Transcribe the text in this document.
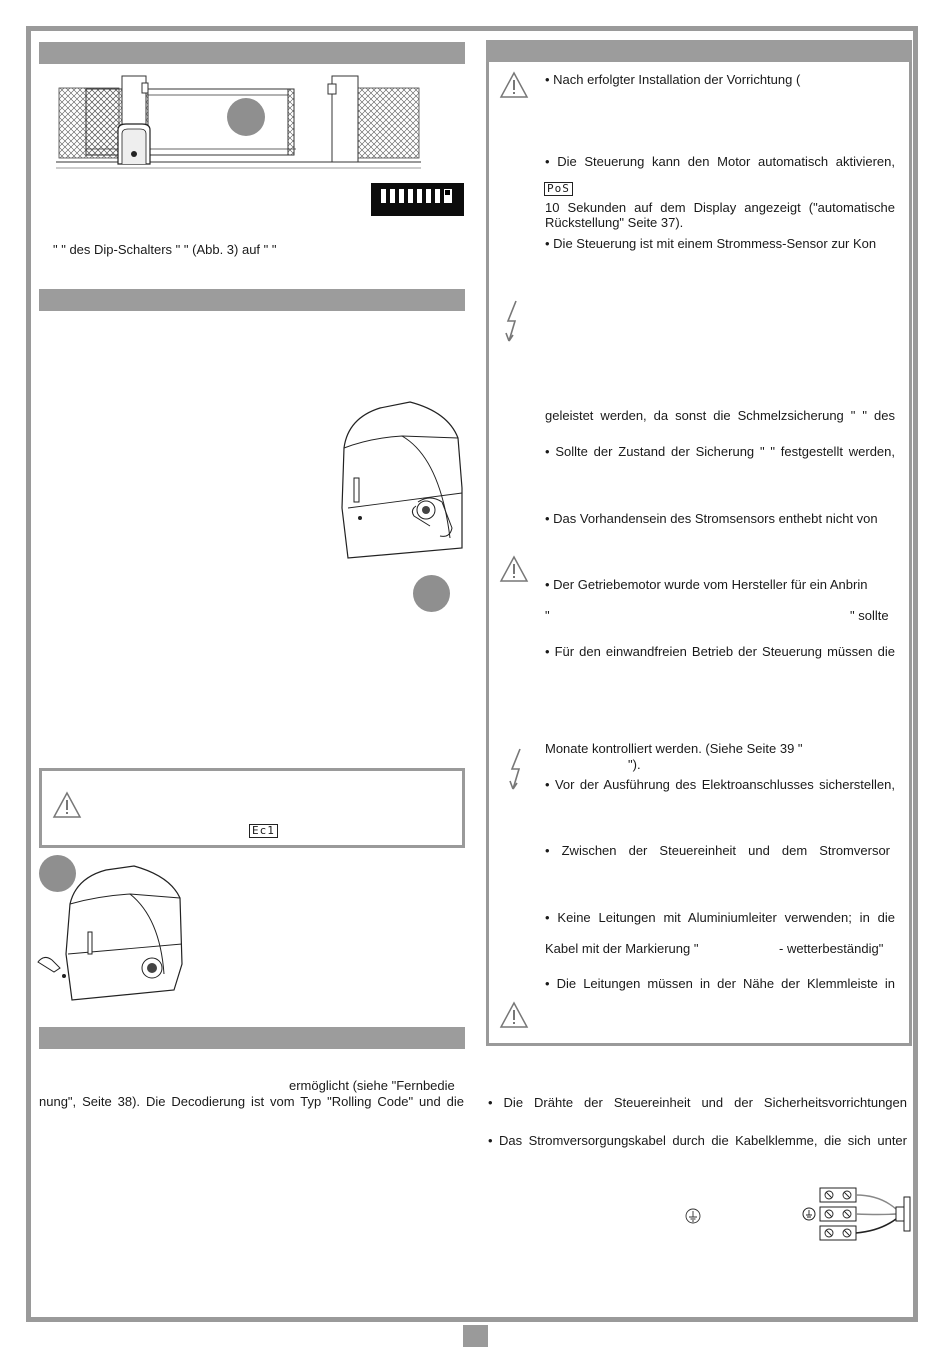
" " des Dip-Schalters " " (Abb. 3) auf " "
Ec1
ermöglicht (siehe "Fernbedie
nung", Seite 38). Die Decodierung ist vom Typ "Rolling Code" und die
• Nach erfolgter Installation der Vorrichtung (
• Die Steuerung kann den Motor automatisch aktivieren,
PoS
10 Sekunden auf dem Display angezeigt ("automatische
Rückstellung" Seite 37).
• Die Steuerung ist mit einem Strommess-Sensor zur Kon
geleistet werden, da sonst die Schmelzsicherung " " des
• Sollte der Zustand der Sicherung " " festgestellt werden,
• Das Vorhandensein des Stromsensors enthebt nicht von
• Der Getriebemotor wurde vom Hersteller für ein Anbrin
"	" sollte
• Für den einwandfreien Betrieb der Steuerung müssen die
Monate kontrolliert werden. (Siehe Seite 39 "
").
• Vor der Ausführung des Elektroanschlusses sicherstellen,
• Zwischen der Steuereinheit und dem Stromversor
• Keine Leitungen mit Aluminiumleiter verwenden; in die
Kabel mit der Markierung "	- wetterbeständig"
• Die Leitungen müssen in der Nähe der Klemmleiste in
• Die Drähte der Steuereinheit und der Sicherheitsvorrichtungen
• Das Stromversorgungskabel durch die Kabelklemme, die sich unter
